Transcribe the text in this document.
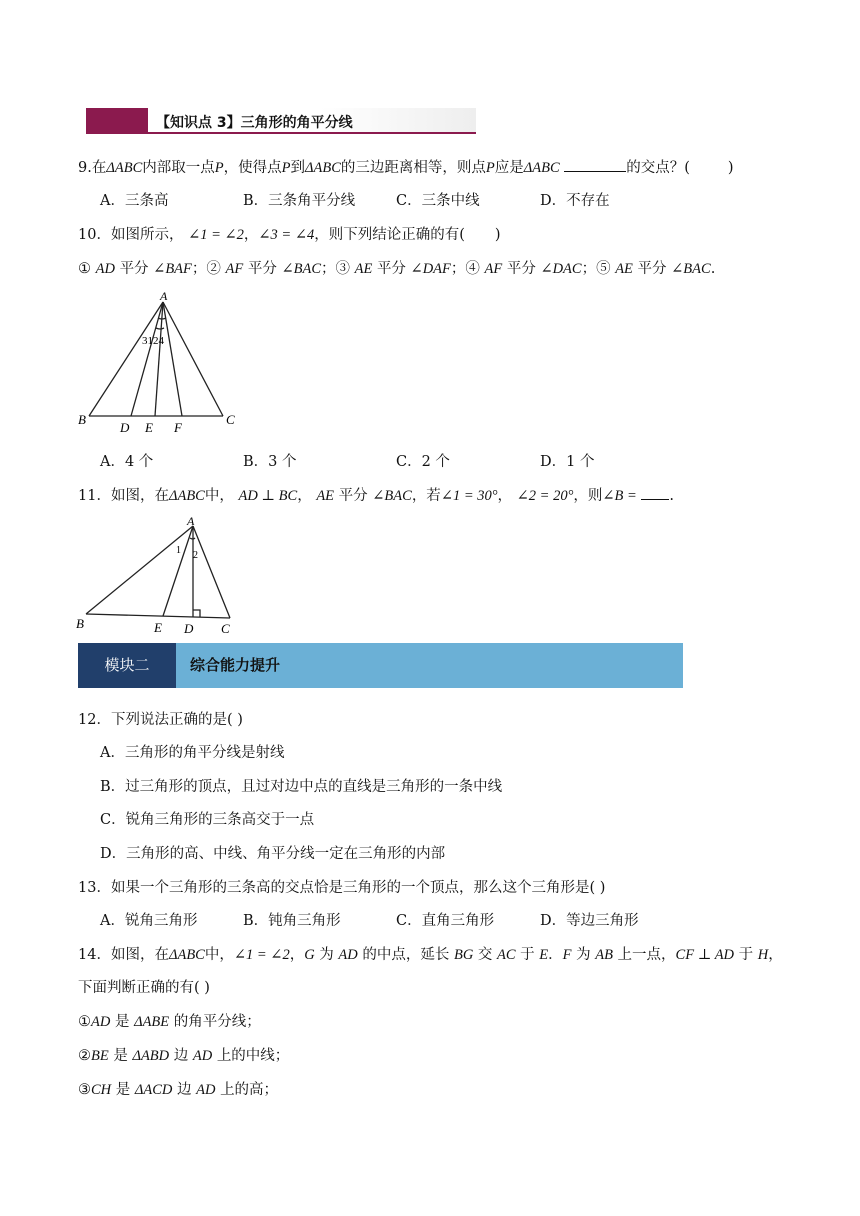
【知识点 3】三角形的角平分线
9.在ΔABC内部取一点P，使得点P到ΔABC的三边距离相等，则点P应是ΔABC	的交点？(	)
A．三条高	B．三条角平分线	C．三条中线	D．不存在
10．如图所示， ∠1 = ∠2，∠3 = ∠4，则下列结论正确的有( )
① AD 平分 ∠BAF；② AF 平分 ∠BAC；③ AE 平分 ∠DAF；④ AF 平分 ∠DAC；⑤ AE 平分 ∠BAC.
A
B	C
D E F
3124
A．4 个	B．3 个	C．2 个	D．1 个
11．如图，在ΔABC中， AD ⊥ BC， AE 平分 ∠BAC，若∠1 = 30°， ∠2 = 20°，则∠B = .
A
B	C
D
E
1 2
模块二	综合能力提升
12．下列说法正确的是( )
A．三角形的角平分线是射线
B．过三角形的顶点，且过对边中点的直线是三角形的一条中线
C．锐角三角形的三条高交于一点
D．三角形的高、中线、角平分线一定在三角形的内部
13．如果一个三角形的三条高的交点恰是三角形的一个顶点，那么这个三角形是( )
A．锐角三角形	B．钝角三角形	C．直角三角形	D．等边三角形
14．如图，在ΔABC中，∠1 = ∠2，G 为 AD 的中点，延长 BG 交 AC 于 E．F 为 AB 上一点，CF ⊥ AD 于 H，
下面判断正确的有( )
①AD 是 ΔABE 的角平分线；
②BE 是 ΔABD 边 AD 上的中线；
③CH 是 ΔACD 边 AD 上的高；
